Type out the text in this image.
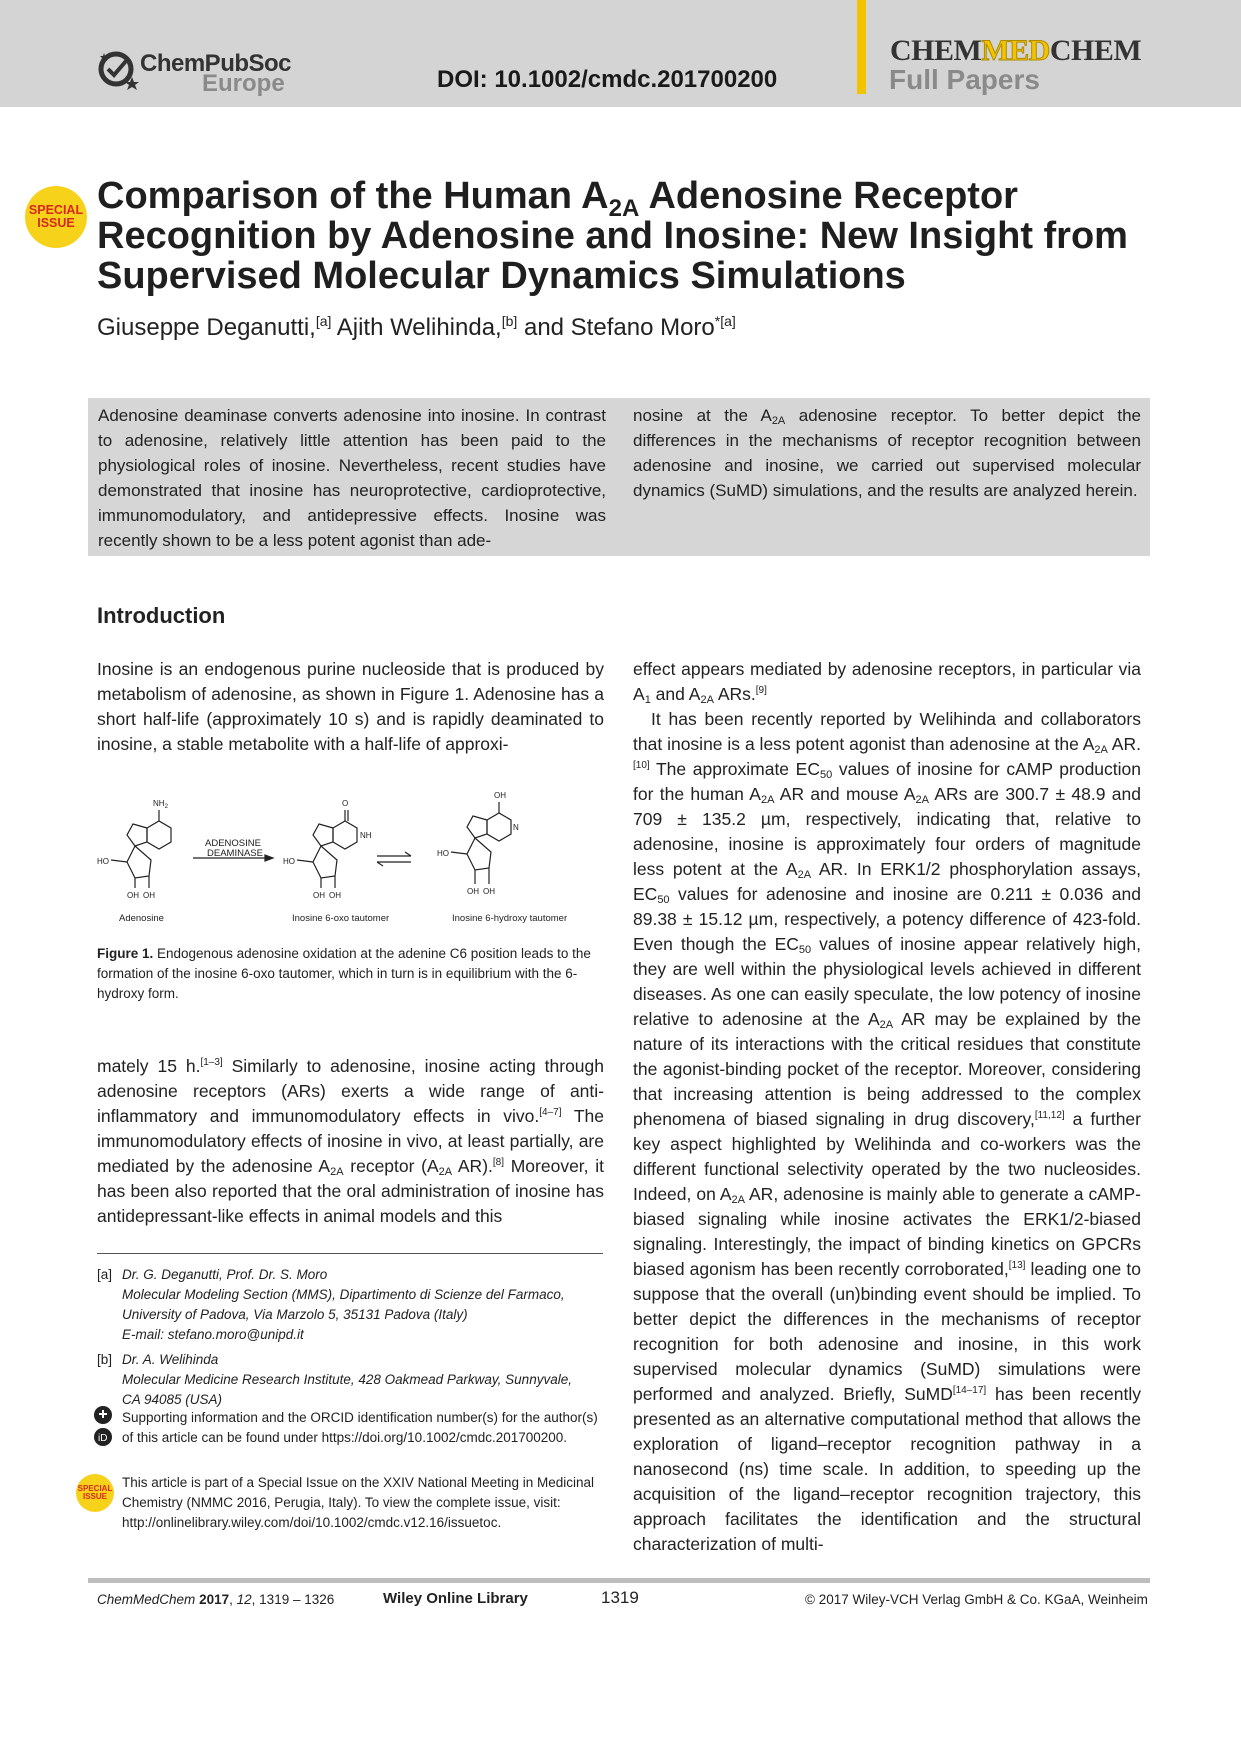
ChemPubSoc
Europe	DOI: 10.1002/cmdc.201700200
CHEMMEDCHEM
Full Papers
SPECIAL
ISSUE
Comparison of the Human $A_{2A}$ Adenosine Receptor
Recognition by Adenosine and Inosine: New Insight from
Supervised Molecular Dynamics Simulations
Giuseppe Deganutti,[a] Ajith Welihinda,[b] and Stefano Moro$^{*[a]}$
Adenosine deaminase converts adenosine into inosine. In contrast to adenosine, relatively little attention has been paid to the physiological roles of inosine. Nevertheless, recent studies have demonstrated that inosine has neuroprotective, cardioprotective, immunomodulatory, and antidepressive effects. Inosine was recently shown to be a less potent agonist than ade-
nosine at the $A_{2A}$ adenosine receptor. To better depict the differences in the mechanisms of receptor recognition between adenosine and inosine, we carried out supervised molecular dynamics (SuMD) simulations, and the results are analyzed herein.
Introduction
Inosine is an endogenous purine nucleoside that is produced by metabolism of adenosine, as shown in Figure 1. Adenosine has a short half-life (approximately 10 s) and is rapidly deaminated to inosine, a stable metabolite with a half-life of approxi-
$NH_2$
HO
OH OH
O
NH
HO
OH OH
OH
N
HO
OH OH
ADENOSINE
DEAMINASE
Adenosine	Inosine 6-oxo tautomer	Inosine 6-hydroxy tautomer
Figure 1. Endogenous adenosine oxidation at the adenine C6 position leads to the formation of the inosine 6-oxo tautomer, which in turn is in equilibrium with the 6-hydroxy form.
mately 15 h.[1–3] Similarly to adenosine, inosine acting through adenosine receptors (ARs) exerts a wide range of anti-inflammatory and immunomodulatory effects in vivo.[4–7] The immunomodulatory effects of inosine in vivo, at least partially, are mediated by the adenosine $A_{2A}$ receptor ($A_{2A}$ AR).[8] Moreover, it has been also reported that the oral administration of inosine has antidepressant-like effects in animal models and this
effect appears mediated by adenosine receptors, in particular via $A_1$ and $A_{2A}$ ARs.[9]
It has been recently reported by Welihinda and collaborators that inosine is a less potent agonist than adenosine at the $A_{2A}$ AR.[10] The approximate $EC_{50}$ values of inosine for cAMP production for the human $A_{2A}$ AR and mouse $A_{2A}$ ARs are 300.7 ± 48.9 and 709 ± 135.2 µm, respectively, indicating that, relative to adenosine, inosine is approximately four orders of magnitude less potent at the $A_{2A}$ AR. In ERK1/2 phosphorylation assays, $EC_{50}$ values for adenosine and inosine are 0.211 ± 0.036 and 89.38 ± 15.12 µm, respectively, a potency difference of 423-fold. Even though the $EC_{50}$ values of inosine appear relatively high, they are well within the physiological levels achieved in different diseases. As one can easily speculate, the low potency of inosine relative to adenosine at the $A_{2A}$ AR may be explained by the nature of its interactions with the critical residues that constitute the agonist-binding pocket of the receptor. Moreover, considering that increasing attention is being addressed to the complex phenomena of biased signaling in drug discovery,[11,12] a further key aspect highlighted by Welihinda and co-workers was the different functional selectivity operated by the two nucleosides. Indeed, on $A_{2A}$ AR, adenosine is mainly able to generate a cAMP-biased signaling while inosine activates the ERK1/2-biased signaling. Interestingly, the impact of binding kinetics on GPCRs biased agonism has been recently corroborated,[13] leading one to suppose that the overall (un)binding event should be implied. To better depict the differences in the mechanisms of receptor recognition for both adenosine and inosine, in this work supervised molecular dynamics (SuMD) simulations were performed and analyzed. Briefly, SuMD[14–17] has been recently presented as an alternative computational method that allows the exploration of ligand–receptor recognition pathway in a nanosecond (ns) time scale. In addition, to speeding up the acquisition of the ligand–receptor recognition trajectory, this approach facilitates the identification and the structural characterization of multi-
[a] Dr. G. Deganutti, Prof. Dr. S. Moro
Molecular Modeling Section (MMS), Dipartimento di Scienze del Farmaco,
University of Padova, Via Marzolo 5, 35131 Padova (Italy)
E-mail: stefano.moro@unipd.it
[b] Dr. A. Welihinda
Molecular Medicine Research Institute, 428 Oakmead Parkway, Sunnyvale,
CA 94085 (USA)
iD
Supporting information and the ORCID identification number(s) for the author(s) of this article can be found under https://doi.org/10.1002/cmdc.201700200.
SPECIAL
ISSUE
This article is part of a Special Issue on the XXIV National Meeting in Medicinal Chemistry (NMMC 2016, Perugia, Italy). To view the complete issue, visit: http://onlinelibrary.wiley.com/doi/10.1002/cmdc.v12.16/issuetoc.
ChemMedChem 2017, 12, 1319 – 1326	Wiley Online Library	1319	© 2017 Wiley-VCH Verlag GmbH & Co. KGaA, Weinheim
